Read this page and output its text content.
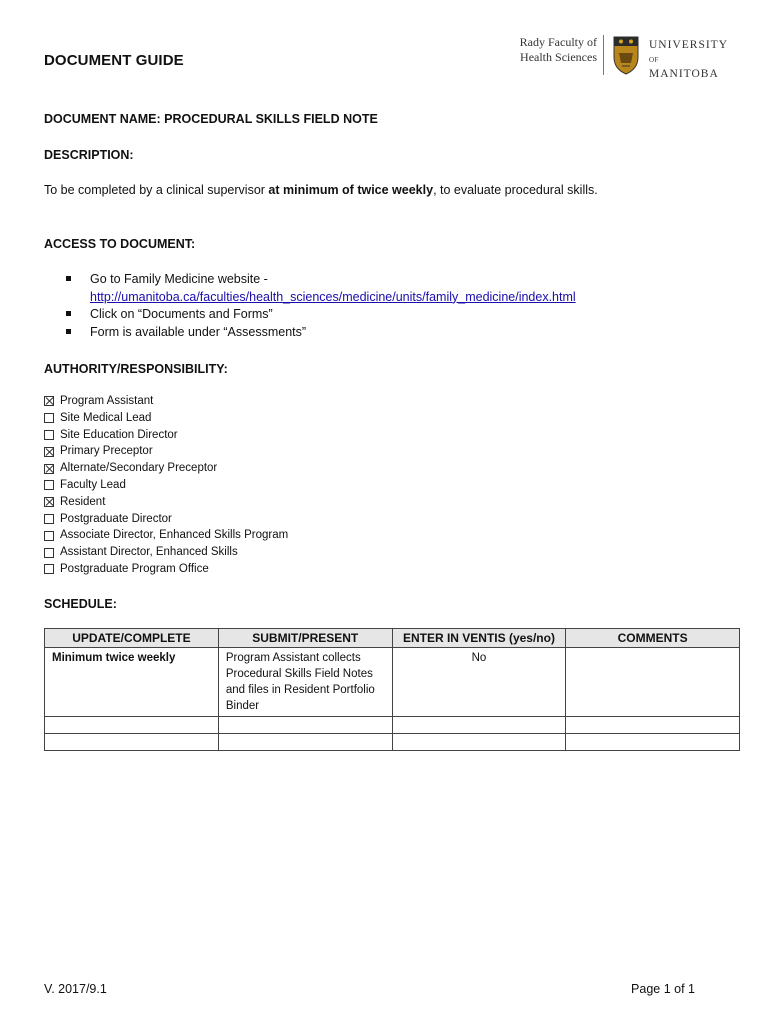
DOCUMENT GUIDE
Rady Faculty of
Health Sciences
UNIVERSITY
OF MANITOBA
DOCUMENT NAME: PROCEDURAL SKILLS FIELD NOTE
DESCRIPTION:
To be completed by a clinical supervisor at minimum of twice weekly, to evaluate procedural skills.
ACCESS TO DOCUMENT:
Go to Family Medicine website -
http://umanitoba.ca/faculties/health_sciences/medicine/units/family_medicine/index.html
Click on “Documents and Forms”
Form is available under “Assessments”
AUTHORITY/RESPONSIBILITY:
Program Assistant
Site Medical Lead
Site Education Director
Primary Preceptor
Alternate/Secondary Preceptor
Faculty Lead
Resident
Postgraduate Director
Associate Director, Enhanced Skills Program
Assistant Director, Enhanced Skills
Postgraduate Program Office
SCHEDULE:
UPDATE/COMPLETE	SUBMIT/PRESENT	ENTER IN VENTIS (yes/no)	COMMENTS
Minimum twice weekly	Program Assistant collects Procedural Skills Field Notes and files in Resident Portfolio Binder	No	

V. 2017/9.1	Page 1 of 1
